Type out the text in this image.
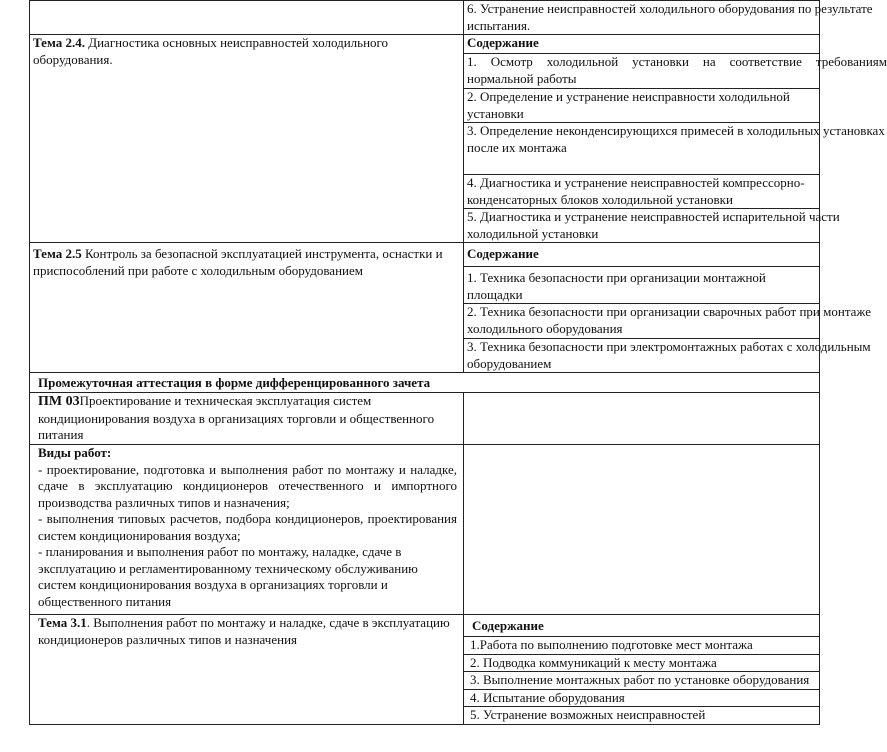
	6. Устранение неисправностей холодильного оборудования по результате испытания.

Тема 2.4. Диагностика основных неисправностей холодильного оборудования.	Содержание

	1. Осмотр холодильной установки на соответствие требованиям нормальной работы

	2. Определение и устранение неисправности холодильной установки

	3. Определение неконденсирующихся примесей в холодильных установках после их монтажа

	4. Диагностика и устранение неисправностей компрессорно-конденсаторных блоков холодильной установки

	5. Диагностика и устранение неисправностей испарительной части холодильной установки

Тема 2.5 Контроль за безопасной эксплуатацией инструмента, оснастки и приспособлений при работе с холодильным оборудованием	Содержание
	1. Техника безопасности при организации монтажной площадки

	2. Техника безопасности при организации сварочных работ при монтаже холодильного оборудования

	3. Техника безопасности при электромонтажных работах с холодильным оборудованием

Промежуточная аттестация в форме дифференцированного зачета	
ПМ 03Проектирование и техническая эксплуатация систем кондиционирования воздуха в организациях торговли и общественного питания	

Виды работ:
- проектирование, подготовка и выполнения работ по монтажу и наладке, сдаче в эксплуатацию кондиционеров отечественного и импортного производства различных типов и назначения;
- выполнения типовых расчетов, подбора кондиционеров, проектирования систем кондиционирования воздуха;
- планирования и выполнения работ по монтажу, наладке, сдаче в эксплуатацию и регламентированному техническому обслуживанию систем кондиционирования воздуха в организациях торговли и общественного питания	

Тема 3.1. Выполнения работ по монтажу и наладке, сдаче в эксплуатацию кондиционеров различных типов и назначения	Содержание
	1.Работа по выполнению подготовке мест монтажа
	2. Подводка коммуникаций к месту монтажа
	3. Выполнение монтажных работ по установке оборудования
	4. Испытание оборудования
	5. Устранение возможных неисправностей
